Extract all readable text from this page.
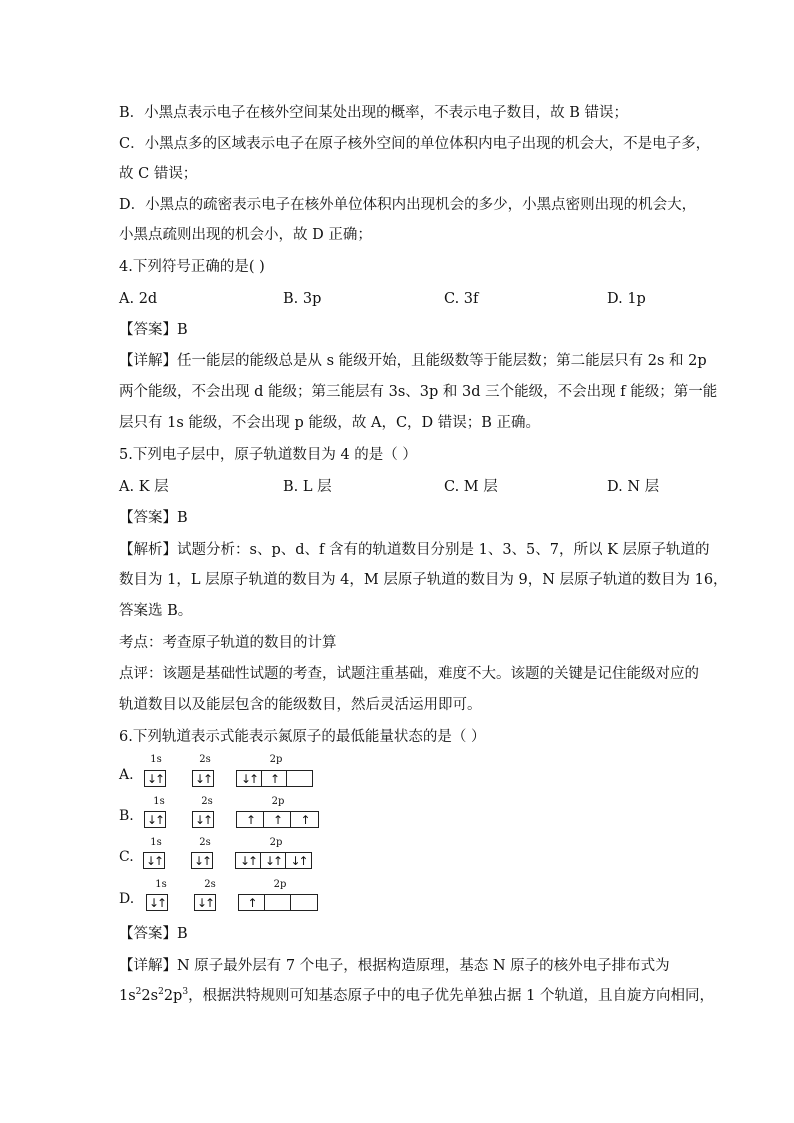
B．小黑点表示电子在核外空间某处出现的概率，不表示电子数目，故 B 错误；
C．小黑点多的区域表示电子在原子核外空间的单位体积内电子出现的机会大，不是电子多，
故 C 错误；
D．小黑点的疏密表示电子在核外单位体积内出现机会的多少，小黑点密则出现的机会大，
小黑点疏则出现的机会小，故 D 正确；
4.下列符号正确的是( )
A. 2d	B. 3p	C. 3f	D. 1p
【答案】B
【详解】任一能层的能级总是从 s 能级开始，且能级数等于能层数；第二能层只有 2s 和 2p
两个能级，不会出现 d 能级；第三能层有 3s、3p 和 3d 三个能级，不会出现 f 能级；第一能
层只有 1s 能级，不会出现 p 能级，故 A，C，D 错误；B 正确。
5.下列电子层中，原子轨道数目为 4 的是（ ）
A. K 层	B. L 层	C. M 层	D. N 层
【答案】B
【解析】试题分析：s、p、d、f 含有的轨道数目分别是 1、3、5、7，所以 K 层原子轨道的
数目为 1，L 层原子轨道的数目为 4，M 层原子轨道的数目为 9，N 层原子轨道的数目为 16，
答案选 B。
考点：考查原子轨道的数目的计算
点评：该题是基础性试题的考查，试题注重基础，难度不大。该题的关键是记住能级对应的
轨道数目以及能层包含的能级数目，然后灵活运用即可。
6.下列轨道表示式能表示氮原子的最低能量状态的是（ ）
1s	2s	2p
A. ↓↑	↓↑	↓↑	↑
1s	2s	2p
B. ↓↑	↓↑	↑	↑	↑
1s	2s	2p
C. ↓↑	↓↑	↓↑ ↓↑ ↓↑
1s	2s	2p
D. ↓↑	↓↑	↑
【答案】B
【详解】N 原子最外层有 7 个电子，根据构造原理，基态 N 原子的核外电子排布式为
$1s^22s^22p^3$，根据洪特规则可知基态原子中的电子优先单独占据 1 个轨道，且自旋方向相同，
